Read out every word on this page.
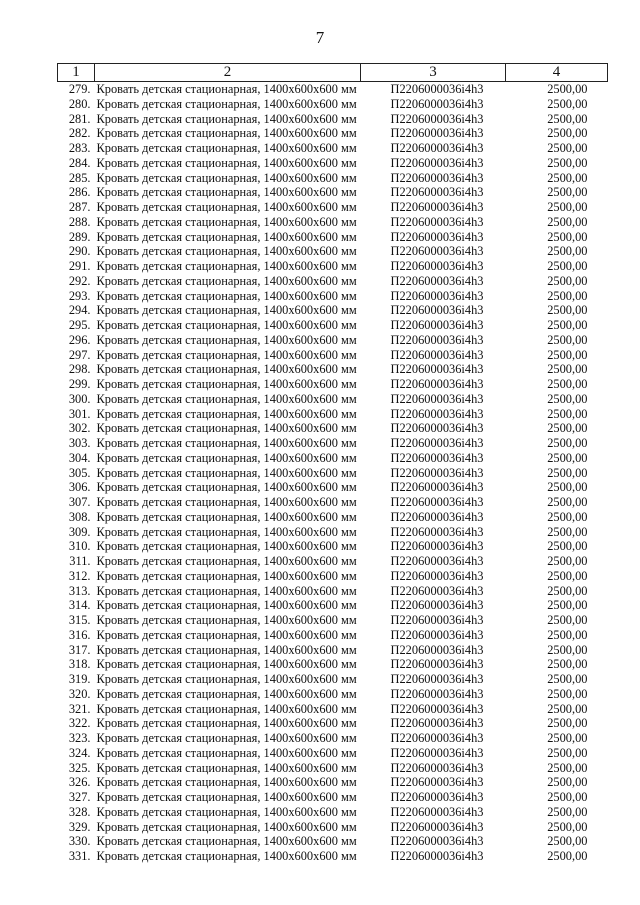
7
1	2	3	4
279.	Кровать детская стационарная, 1400х600х600 мм	П2206000036i4h3	2500,00
280.	Кровать детская стационарная, 1400х600х600 мм	П2206000036i4h3	2500,00
281.	Кровать детская стационарная, 1400х600х600 мм	П2206000036i4h3	2500,00
282.	Кровать детская стационарная, 1400х600х600 мм	П2206000036i4h3	2500,00
283.	Кровать детская стационарная, 1400х600х600 мм	П2206000036i4h3	2500,00
284.	Кровать детская стационарная, 1400х600х600 мм	П2206000036i4h3	2500,00
285.	Кровать детская стационарная, 1400х600х600 мм	П2206000036i4h3	2500,00
286.	Кровать детская стационарная, 1400х600х600 мм	П2206000036i4h3	2500,00
287.	Кровать детская стационарная, 1400х600х600 мм	П2206000036i4h3	2500,00
288.	Кровать детская стационарная, 1400х600х600 мм	П2206000036i4h3	2500,00
289.	Кровать детская стационарная, 1400х600х600 мм	П2206000036i4h3	2500,00
290.	Кровать детская стационарная, 1400х600х600 мм	П2206000036i4h3	2500,00
291.	Кровать детская стационарная, 1400х600х600 мм	П2206000036i4h3	2500,00
292.	Кровать детская стационарная, 1400х600х600 мм	П2206000036i4h3	2500,00
293.	Кровать детская стационарная, 1400х600х600 мм	П2206000036i4h3	2500,00
294.	Кровать детская стационарная, 1400х600х600 мм	П2206000036i4h3	2500,00
295.	Кровать детская стационарная, 1400х600х600 мм	П2206000036i4h3	2500,00
296.	Кровать детская стационарная, 1400х600х600 мм	П2206000036i4h3	2500,00
297.	Кровать детская стационарная, 1400х600х600 мм	П2206000036i4h3	2500,00
298.	Кровать детская стационарная, 1400х600х600 мм	П2206000036i4h3	2500,00
299.	Кровать детская стационарная, 1400х600х600 мм	П2206000036i4h3	2500,00
300.	Кровать детская стационарная, 1400х600х600 мм	П2206000036i4h3	2500,00
301.	Кровать детская стационарная, 1400х600х600 мм	П2206000036i4h3	2500,00
302.	Кровать детская стационарная, 1400х600х600 мм	П2206000036i4h3	2500,00
303.	Кровать детская стационарная, 1400х600х600 мм	П2206000036i4h3	2500,00
304.	Кровать детская стационарная, 1400х600х600 мм	П2206000036i4h3	2500,00
305.	Кровать детская стационарная, 1400х600х600 мм	П2206000036i4h3	2500,00
306.	Кровать детская стационарная, 1400х600х600 мм	П2206000036i4h3	2500,00
307.	Кровать детская стационарная, 1400х600х600 мм	П2206000036i4h3	2500,00
308.	Кровать детская стационарная, 1400х600х600 мм	П2206000036i4h3	2500,00
309.	Кровать детская стационарная, 1400х600х600 мм	П2206000036i4h3	2500,00
310.	Кровать детская стационарная, 1400х600х600 мм	П2206000036i4h3	2500,00
311.	Кровать детская стационарная, 1400х600х600 мм	П2206000036i4h3	2500,00
312.	Кровать детская стационарная, 1400х600х600 мм	П2206000036i4h3	2500,00
313.	Кровать детская стационарная, 1400х600х600 мм	П2206000036i4h3	2500,00
314.	Кровать детская стационарная, 1400х600х600 мм	П2206000036i4h3	2500,00
315.	Кровать детская стационарная, 1400х600х600 мм	П2206000036i4h3	2500,00
316.	Кровать детская стационарная, 1400х600х600 мм	П2206000036i4h3	2500,00
317.	Кровать детская стационарная, 1400х600х600 мм	П2206000036i4h3	2500,00
318.	Кровать детская стационарная, 1400х600х600 мм	П2206000036i4h3	2500,00
319.	Кровать детская стационарная, 1400х600х600 мм	П2206000036i4h3	2500,00
320.	Кровать детская стационарная, 1400х600х600 мм	П2206000036i4h3	2500,00
321.	Кровать детская стационарная, 1400х600х600 мм	П2206000036i4h3	2500,00
322.	Кровать детская стационарная, 1400х600х600 мм	П2206000036i4h3	2500,00
323.	Кровать детская стационарная, 1400х600х600 мм	П2206000036i4h3	2500,00
324.	Кровать детская стационарная, 1400х600х600 мм	П2206000036i4h3	2500,00
325.	Кровать детская стационарная, 1400х600х600 мм	П2206000036i4h3	2500,00
326.	Кровать детская стационарная, 1400х600х600 мм	П2206000036i4h3	2500,00
327.	Кровать детская стационарная, 1400х600х600 мм	П2206000036i4h3	2500,00
328.	Кровать детская стационарная, 1400х600х600 мм	П2206000036i4h3	2500,00
329.	Кровать детская стационарная, 1400х600х600 мм	П2206000036i4h3	2500,00
330.	Кровать детская стационарная, 1400х600х600 мм	П2206000036i4h3	2500,00
331.	Кровать детская стационарная, 1400х600х600 мм	П2206000036i4h3	2500,00
